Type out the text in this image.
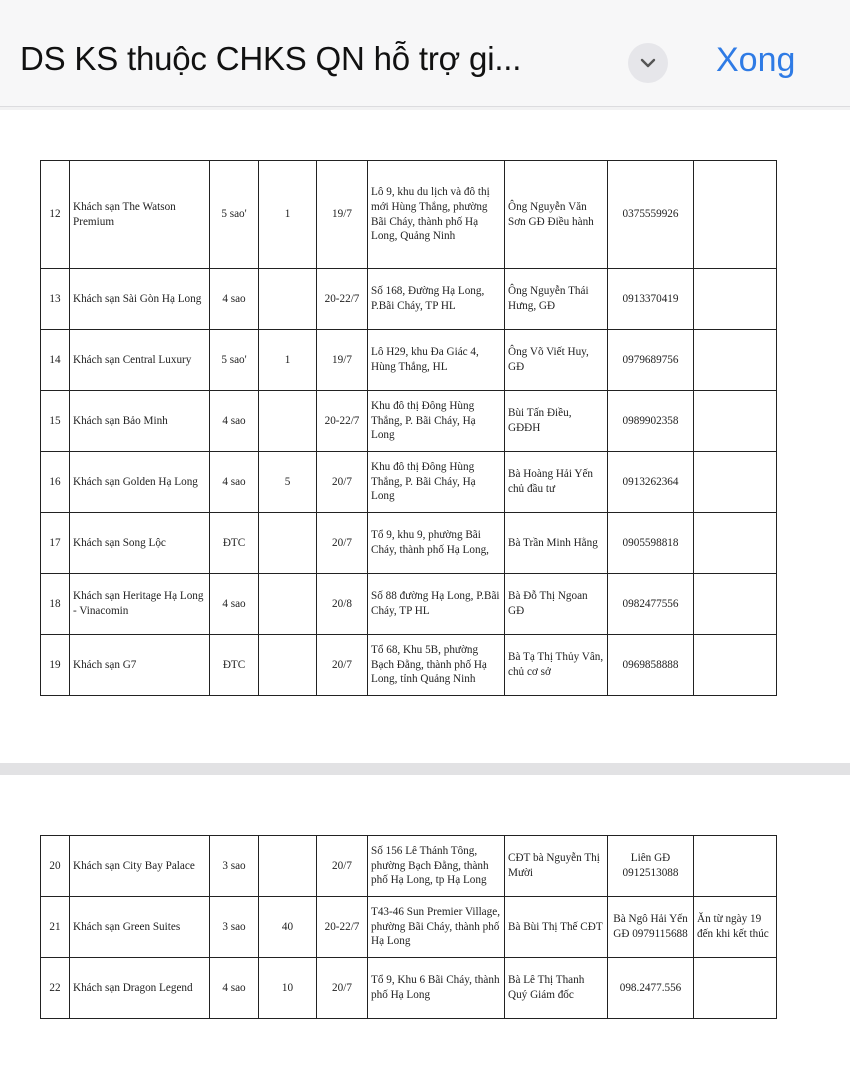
DS KS thuộc CHKS QN hỗ trợ gi...	Xong
12	Khách sạn The Watson Premium	5 sao'	1	19/7	Lô 9, khu du lịch và đô thị mới Hùng Thắng, phường Bãi Cháy, thành phố Hạ Long, Quảng Ninh	Ông Nguyễn Văn Sơn GĐ Điều hành	0375559926	
13	Khách sạn Sài Gòn Hạ Long	4 sao		20-22/7	Số 168, Đường Hạ Long, P.Bãi Cháy, TP HL	Ông Nguyễn Thái Hưng, GĐ	0913370419	
14	Khách sạn Central Luxury	5 sao'	1	19/7	Lô H29, khu Đa Giác 4, Hùng Thắng, HL	Ông Võ Viết Huy, GĐ	0979689756	
15	Khách sạn Bảo Minh	4 sao		20-22/7	Khu đô thị Đông Hùng Thắng, P. Bãi Cháy, Hạ Long	Bùi Tấn Điều, GĐĐH	0989902358	
16	Khách sạn Golden Hạ Long	4 sao	5	20/7	Khu đô thị Đông Hùng Thắng, P. Bãi Cháy, Hạ Long	Bà Hoàng Hải Yến chủ đầu tư	0913262364	
17	Khách sạn Song Lộc	ĐTC		20/7	Tổ 9, khu 9, phường Bãi Cháy, thành phố Hạ Long,	Bà Trần Minh Hằng	0905598818	
18	Khách sạn Heritage Hạ Long - Vinacomin	4 sao		20/8	Số 88 đường Hạ Long, P.Bãi Cháy, TP HL	Bà Đỗ Thị Ngoan GĐ	0982477556	
19	Khách sạn G7	ĐTC		20/7	Tổ 68, Khu 5B, phường Bạch Đằng, thành phố Hạ Long, tỉnh Quảng Ninh	Bà Tạ Thị Thủy Vân, chủ cơ sở	0969858888	
20	Khách sạn City Bay Palace	3 sao		20/7	Số 156 Lê Thánh Tông, phường Bạch Đằng, thành phố Hạ Long, tp Hạ Long	CĐT bà Nguyễn Thị Mười	Liên GĐ 0912513088	
21	Khách sạn Green Suites	3 sao	40	20-22/7	T43-46 Sun Premier Village, phường Bãi Cháy, thành phố Hạ Long	Bà Bùi Thị Thế CĐT	Bà Ngô Hải Yến GĐ 0979115688	Ăn từ ngày 19 đến khi kết thúc
22	Khách sạn Dragon Legend	4 sao	10	20/7	Tổ 9, Khu 6 Bãi Cháy, thành phố Hạ Long	Bà Lê Thị Thanh Quý Giám đốc	098.2477.556	
